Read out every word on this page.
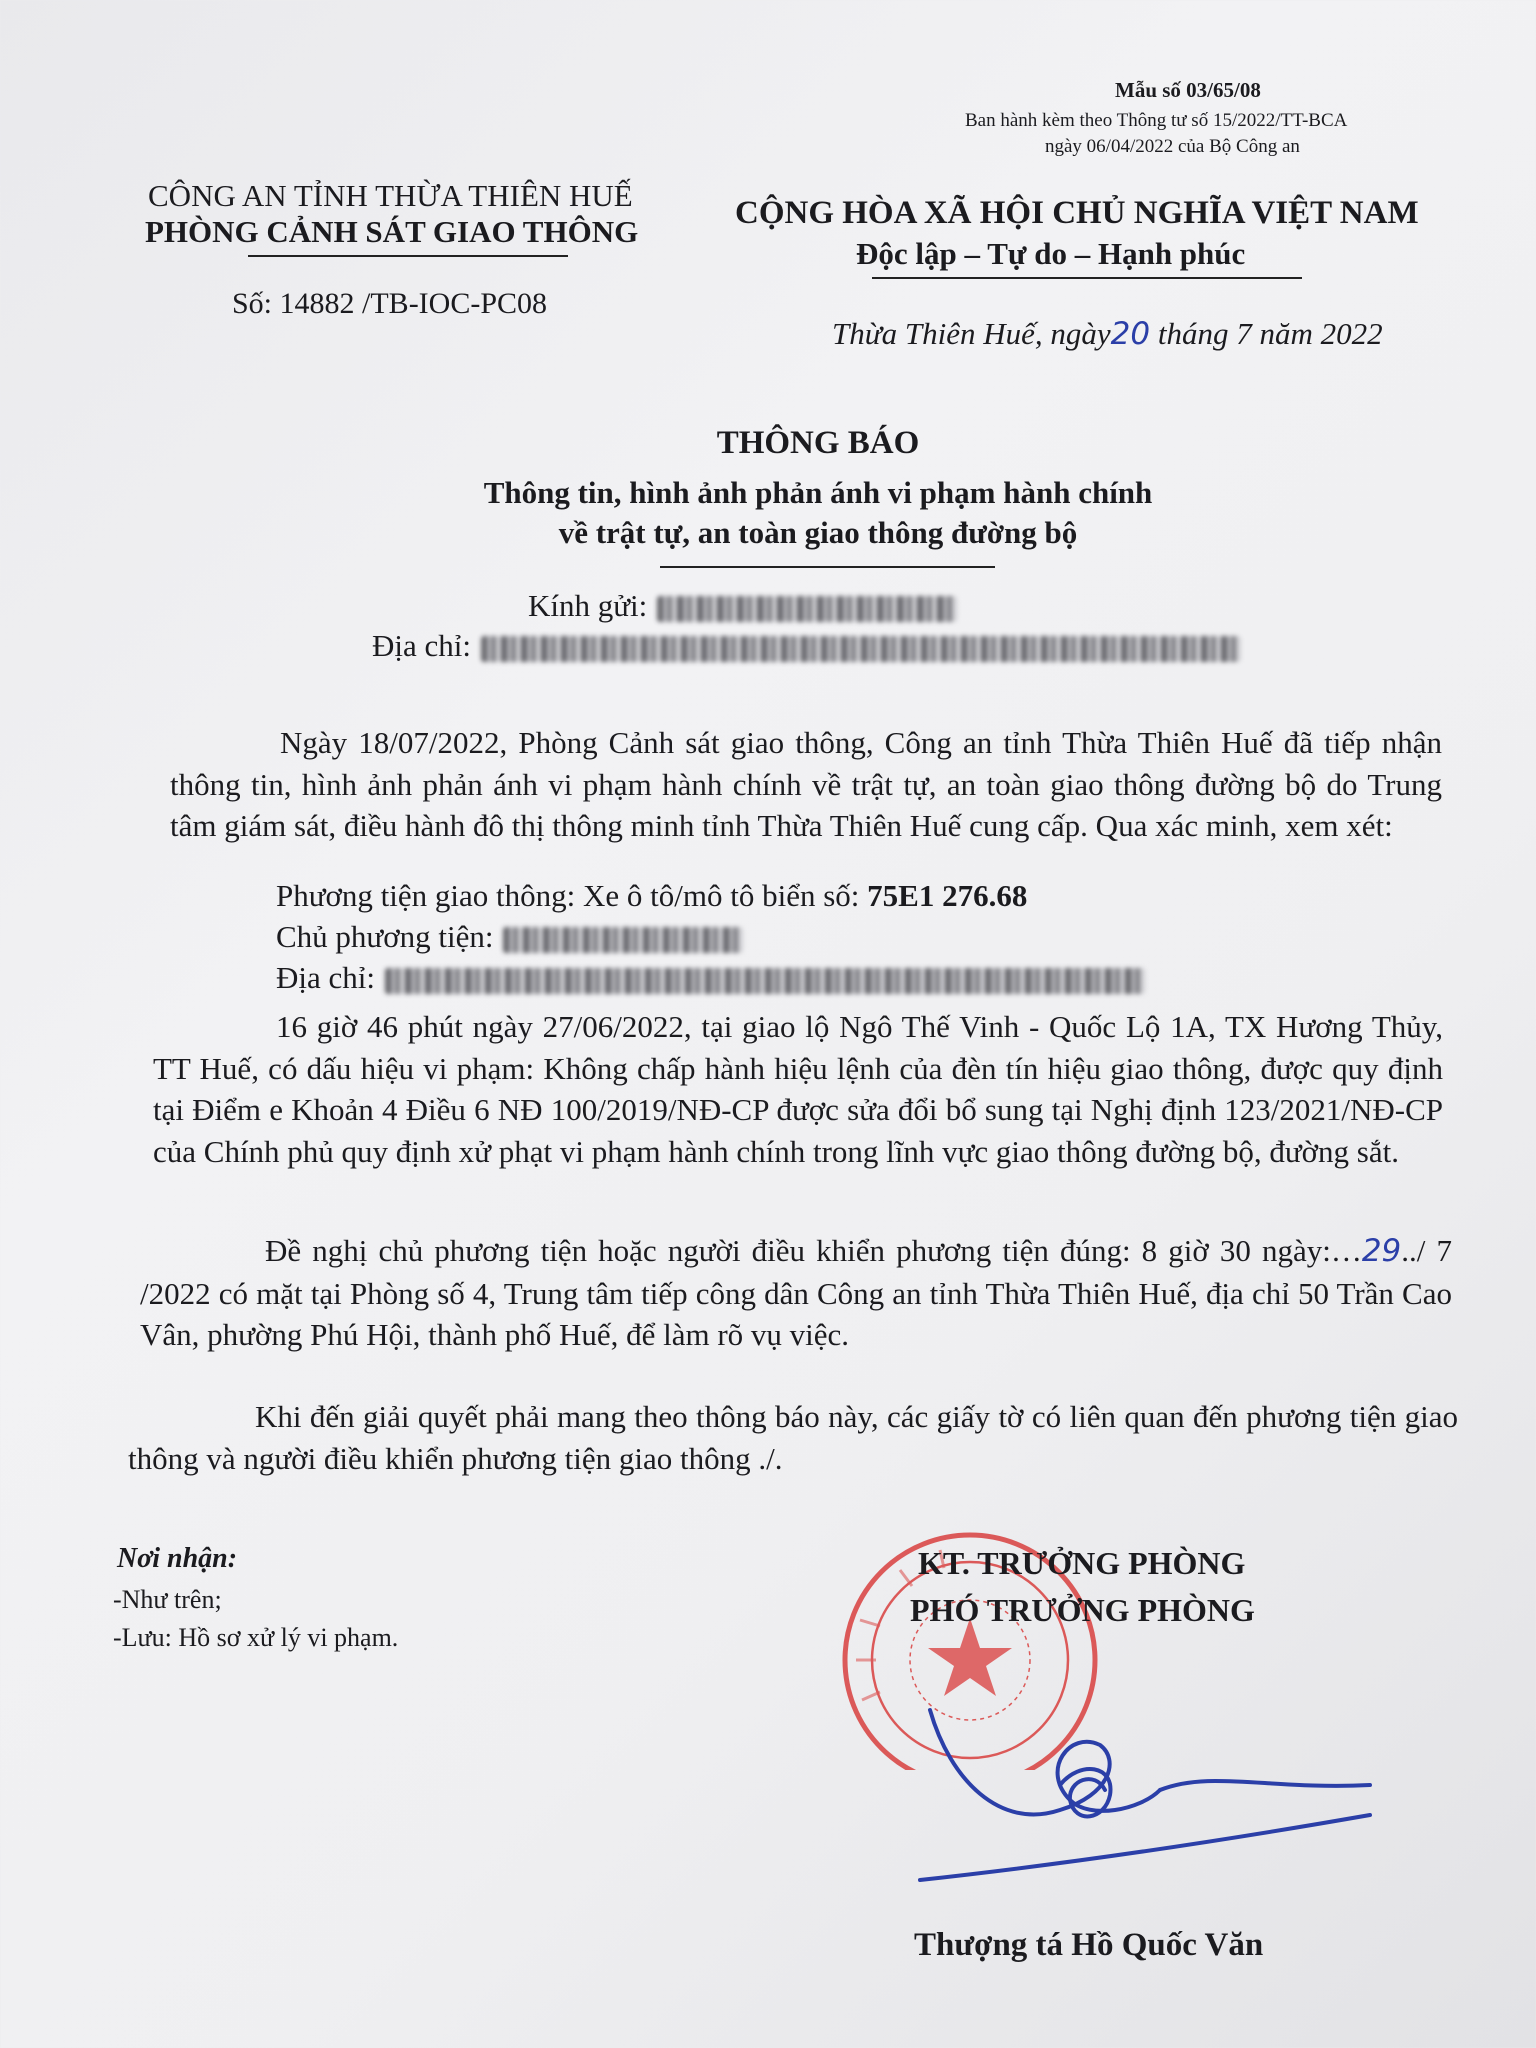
Mẫu số 03/65/08
Ban hành kèm theo Thông tư số 15/2022/TT-BCA
ngày 06/04/2022 của Bộ Công an
CÔNG AN TỈNH THỪA THIÊN HUẾ
PHÒNG CẢNH SÁT GIAO THÔNG
Số: 14882 /TB-IOC-PC08
CỘNG HÒA XÃ HỘI CHỦ NGHĨA VIỆT NAM
Độc lập – Tự do – Hạnh phúc
Thừa Thiên Huế, ngày20 tháng 7 năm 2022
THÔNG BÁO
Thông tin, hình ảnh phản ánh vi phạm hành chính
về trật tự, an toàn giao thông đường bộ
Kính gửi:
Địa chỉ:
Ngày 18/07/2022, Phòng Cảnh sát giao thông, Công an tỉnh Thừa Thiên Huế đã tiếp nhận thông tin, hình ảnh phản ánh vi phạm hành chính về trật tự, an toàn giao thông đường bộ do Trung tâm giám sát, điều hành đô thị thông minh tỉnh Thừa Thiên Huế cung cấp. Qua xác minh, xem xét:
Phương tiện giao thông: Xe ô tô/mô tô biển số: 75E1 276.68
Chủ phương tiện:
Địa chỉ:
16 giờ 46 phút ngày 27/06/2022, tại giao lộ Ngô Thế Vinh - Quốc Lộ 1A, TX Hương Thủy, TT Huế, có dấu hiệu vi phạm: Không chấp hành hiệu lệnh của đèn tín hiệu giao thông, được quy định tại Điểm e Khoản 4 Điều 6 NĐ 100/2019/NĐ-CP được sửa đổi bổ sung tại Nghị định 123/2021/NĐ-CP của Chính phủ quy định xử phạt vi phạm hành chính trong lĩnh vực giao thông đường bộ, đường sắt.
Đề nghị chủ phương tiện hoặc người điều khiển phương tiện đúng: 8 giờ 30 ngày:…29../ 7 /2022 có mặt tại Phòng số 4, Trung tâm tiếp công dân Công an tỉnh Thừa Thiên Huế, địa chỉ 50 Trần Cao Vân, phường Phú Hội, thành phố Huế, để làm rõ vụ việc.
Khi đến giải quyết phải mang theo thông báo này, các giấy tờ có liên quan đến phương tiện giao thông và người điều khiển phương tiện giao thông ./.
Nơi nhận:
-Như trên;
-Lưu: Hồ sơ xử lý vi phạm.
KT. TRƯỞNG PHÒNG
PHÓ TRƯỞNG PHÒNG
Thượng tá Hồ Quốc Văn
